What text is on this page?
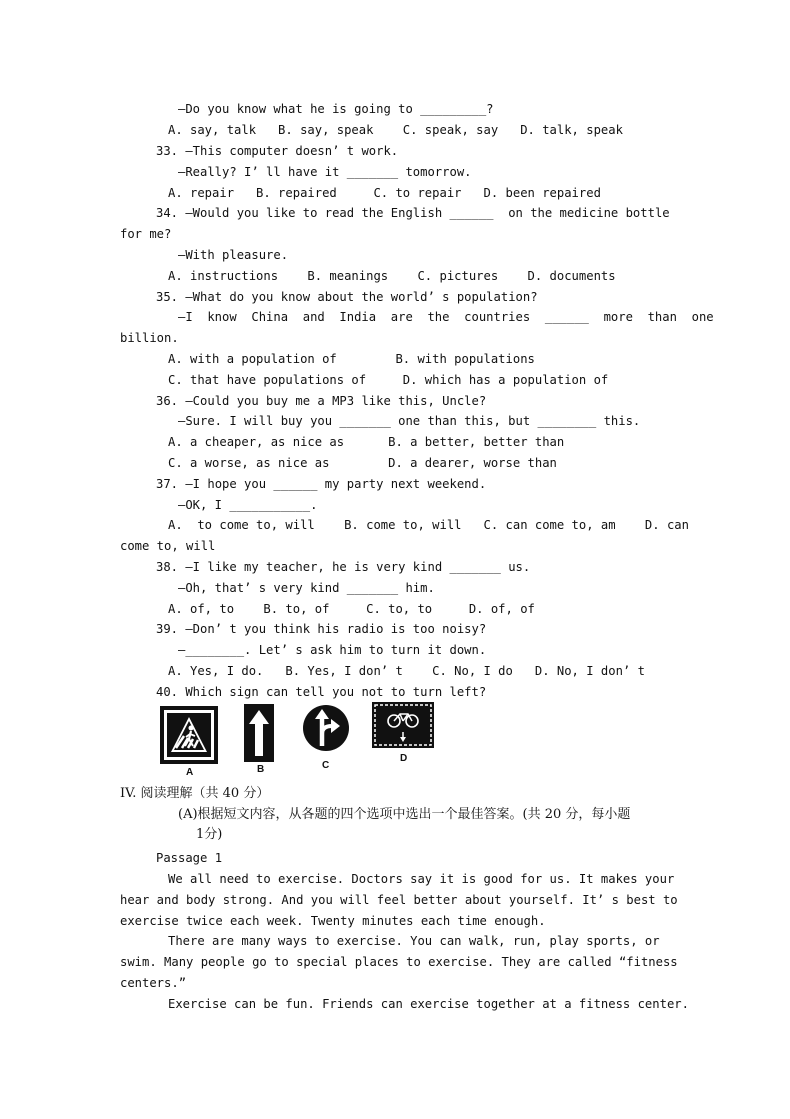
—Do you know what he is going to _________?
A. say, talk   B. say, speak    C. speak, say   D. talk, speak
33. —This computer doesn’ t work.
—Really? I’ ll have it _______ tomorrow.
A. repair   B. repaired     C. to repair   D. been repaired
34. —Would you like to read the English ______  on the medicine bottle
for me?
—With pleasure.
A. instructions    B. meanings    C. pictures    D. documents
35. —What do you know about the world’ s population?
—I  know  China  and  India  are  the  countries  ______  more  than  one
billion.
A. with a population of        B. with populations
C. that have populations of     D. which has a population of
36. —Could you buy me a MP3 like this, Uncle?
—Sure. I will buy you _______ one than this, but ________ this.
A. a cheaper, as nice as      B. a better, better than
C. a worse, as nice as        D. a dearer, worse than
37. —I hope you ______ my party next weekend.
—OK, I ___________.
A.  to come to, will    B. come to, will   C. can come to, am    D. can
come to, will
38. —I like my teacher, he is very kind _______ us.
—Oh, that’ s very kind _______ him.
A. of, to    B. to, of     C. to, to     D. of, of
39. —Don’ t you think his radio is too noisy?
—________. Let’ s ask him to turn it down.
A. Yes, I do.   B. Yes, I don’ t    C. No, I do   D. No, I don’ t
40. Which sign can tell you not to turn left?
A	B	C
D
IV. 阅读理解（共 40 分）
(A)根据短文内容，从各题的四个选项中选出一个最佳答案。(共 20 分，每小题
1分)
Passage 1
We all need to exercise. Doctors say it is good for us. It makes your
hear and body strong. And you will feel better about yourself. It’ s best to
exercise twice each week. Twenty minutes each time enough.
There are many ways to exercise. You can walk, run, play sports, or
swim. Many people go to special places to exercise. They are called “fitness
centers.”
Exercise can be fun. Friends can exercise together at a fitness center.
